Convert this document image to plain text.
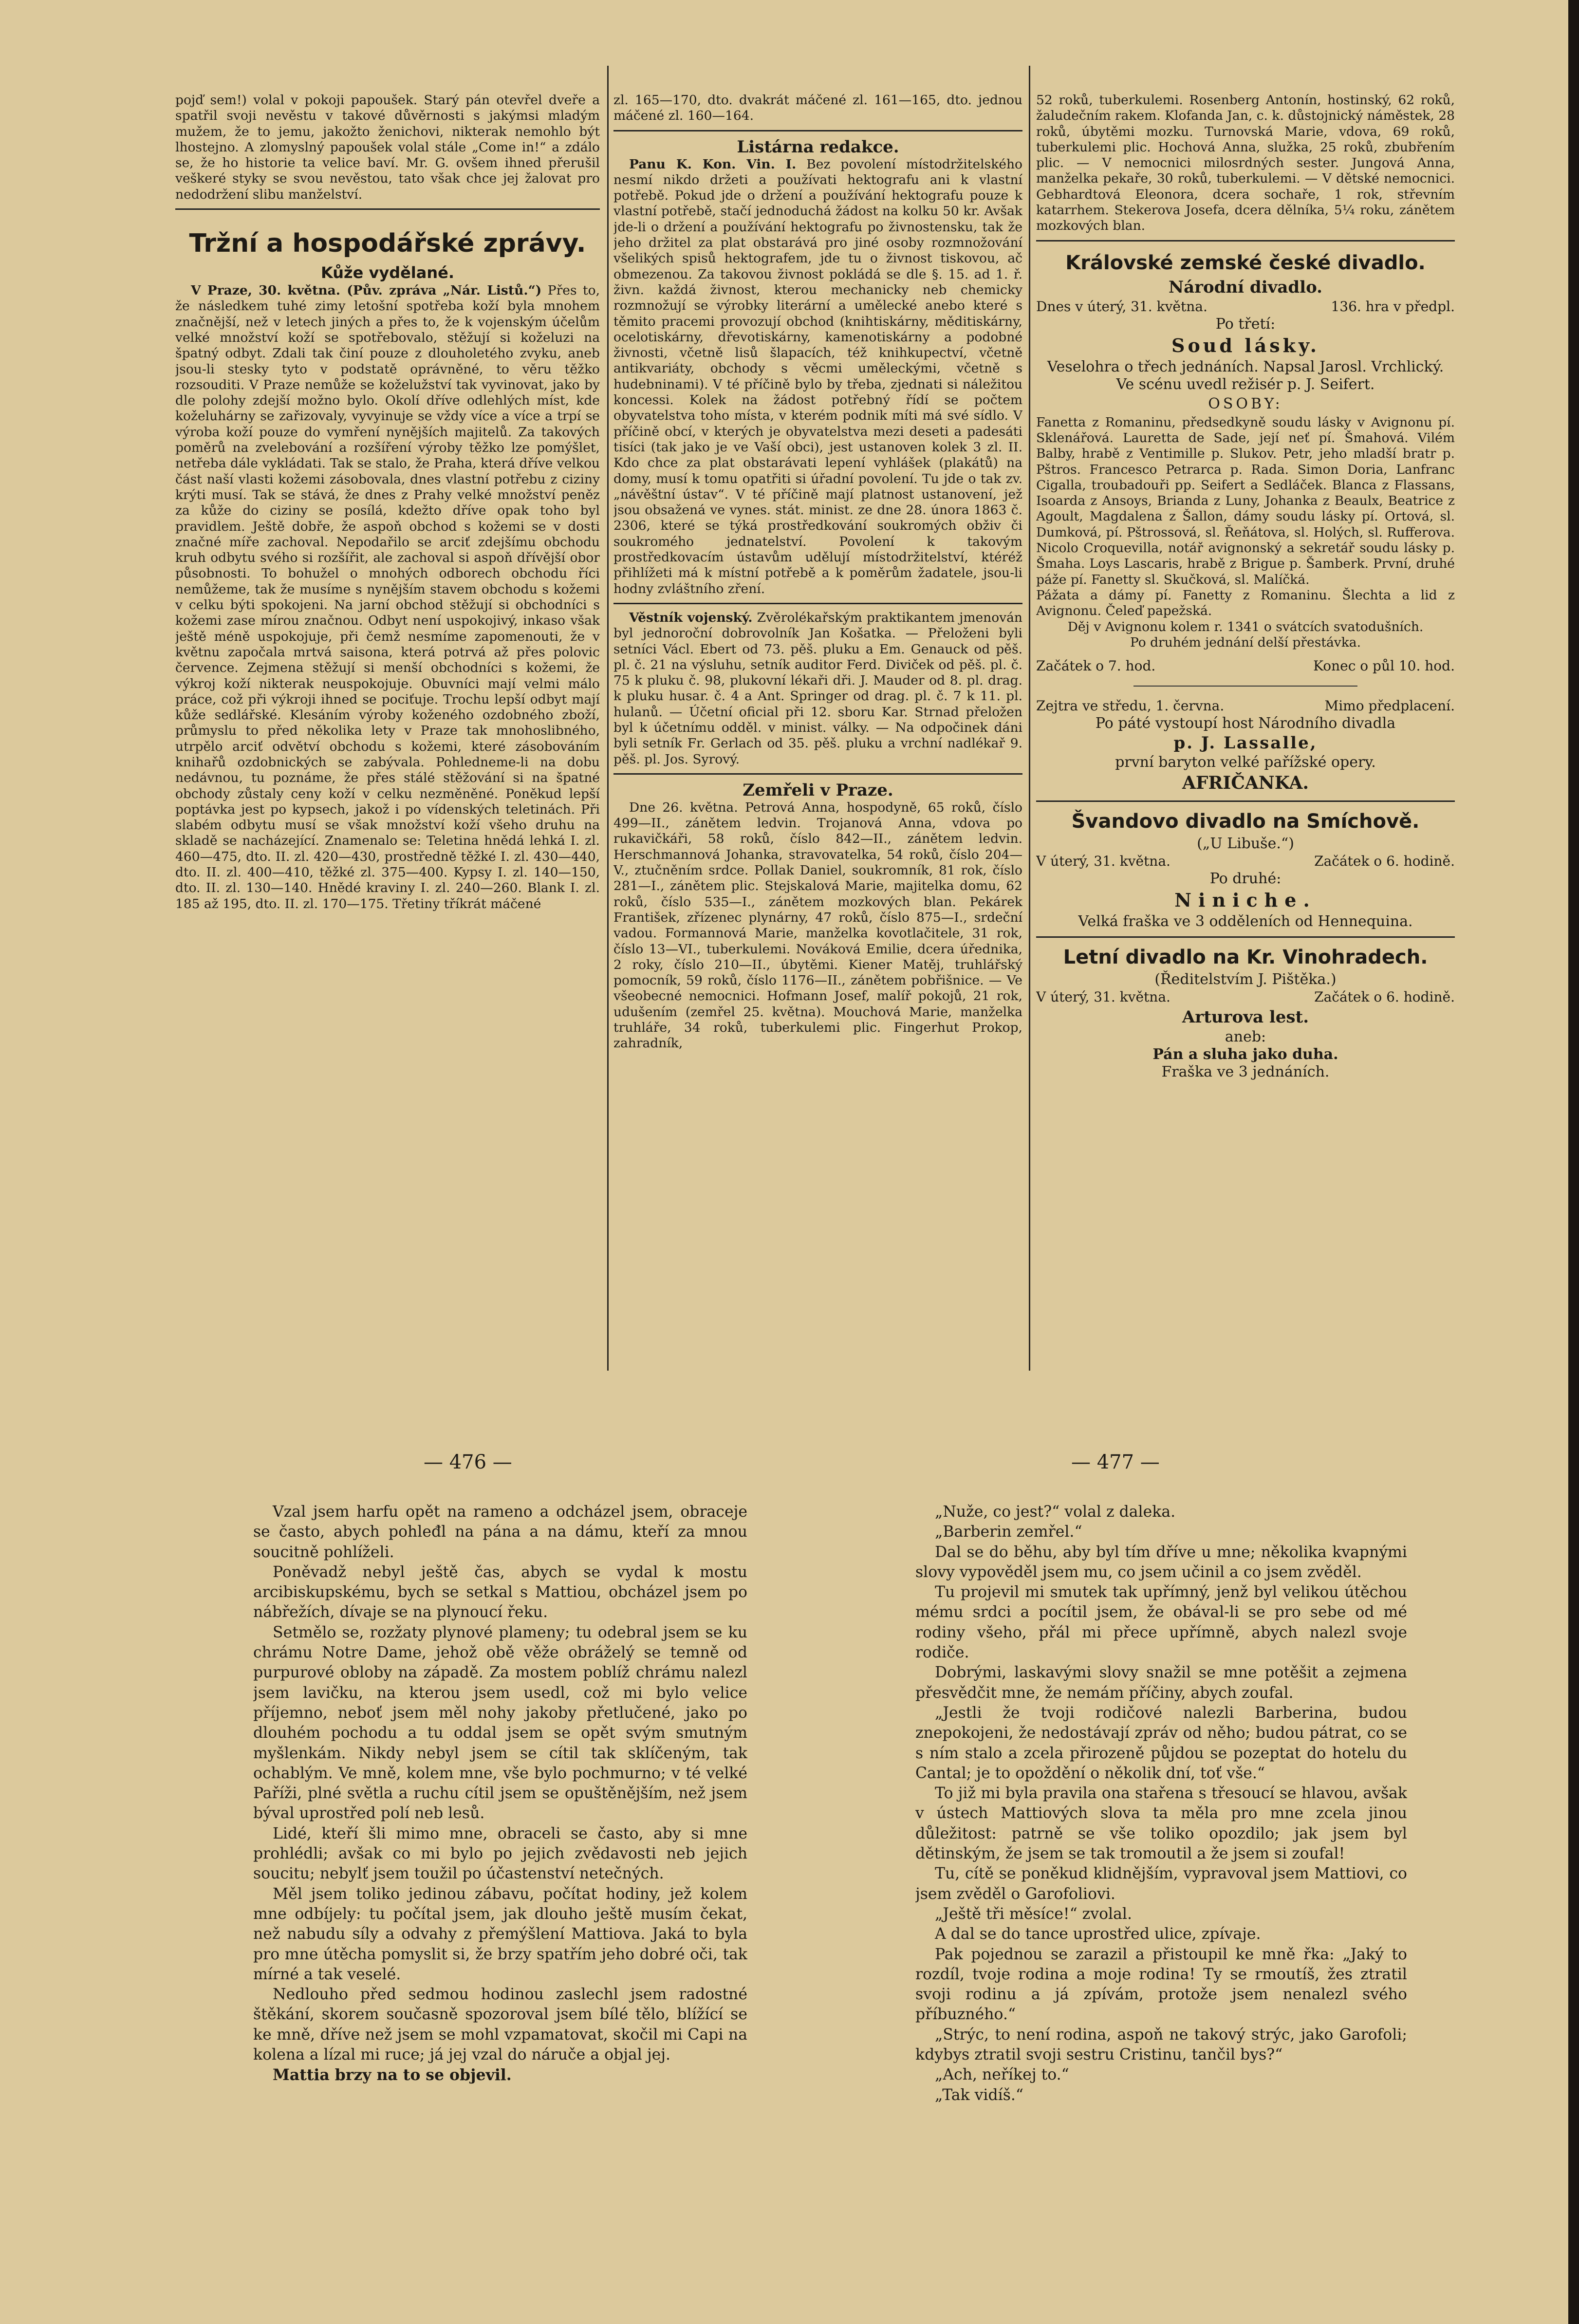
pojď sem!) volal v pokoji papoušek. Starý pán otevřel dveře a spatřil svoji nevěstu v takové důvěrnosti s jakýmsi mladým mužem, že to jemu, jakožto ženichovi, nikterak nemohlo být lhostejno. A zlomyslný papoušek volal stále „Come in!“ a zdálo se, že ho historie ta velice baví. Mr. G. ovšem ihned přerušil veškeré styky se svou nevěstou, tato však chce jej žalovat pro nedodržení slibu manželství.

Tržní a hospodářské zprávy.
Kůže vydělané.

V Praze, 30. května. (Pův. zpráva „Nár. Listů.“) Přes to, že následkem tuhé zimy letošní spotřeba koží byla mnohem značnější, než v letech jiných a přes to, že k vojenským účelům velké množství koží se spotřebovalo, stěžují si koželuzi na špatný odbyt. Zdali tak činí pouze z dlouholetého zvyku, aneb jsou-li stesky tyto v podstatě oprávněné, to věru těžko rozsouditi. V Praze nemůže se koželužství tak vyvinovat, jako by dle polohy zdejší možno bylo. Okolí dříve odlehlých míst, kde koželuhárny se zařizovaly, vyvyinuje se vždy více a více a trpí se výroba koží pouze do vymření nynějších majitelů. Za takových poměrů na zvelebování a rozšíření výroby těžko lze pomýšlet, netřeba dále vykládati. Tak se stalo, že Praha, která dříve velkou část naší vlasti kožemi zásobovala, dnes vlastní potřebu z ciziny krýti musí. Tak se stává, že dnes z Prahy velké množství peněz za kůže do ciziny se posílá, kdežto dříve opak toho byl pravidlem. Ještě dobře, že aspoň obchod s kožemi se v dosti značné míře zachoval. Nepodařilo se arciť zdejšímu obchodu kruh odbytu svého si rozšířit, ale zachoval si aspoň dřívější obor působnosti. To bohužel o mnohých odborech obchodu říci nemůžeme, tak že musíme s nynějším stavem obchodu s kožemi v celku býti spokojeni. Na jarní obchod stěžují si obchodníci s kožemi zase mírou značnou. Odbyt není uspokojivý, inkaso však ještě méně uspokojuje, při čemž nesmíme zapomenouti, že v květnu započala mrtvá saisona, která potrvá až přes polovic července. Zejmena stěžují si menší obchodníci s kožemi, že výkroj koží nikterak neuspokojuje. Obuvníci mají velmi málo práce, což při výkroji ihned se pociťuje. Trochu lepší odbyt mají kůže sedlářské. Klesáním výroby koženého ozdobného zboží, průmyslu to před několika lety v Praze tak mnohoslibného, utrpělo arciť odvětví obchodu s kožemi, které zásobováním knihařů ozdobnických se zabývala. Pohledneme-li na dobu nedávnou, tu poznáme, že přes stálé stěžování si na špatné obchody zůstaly ceny koží v celku nezměněné. Poněkud lepší poptávka jest po kypsech, jakož i po vídenských teletinách. Při slabém odbytu musí se však množství koží všeho druhu na skladě se nacházející. Znamenalo se: Teletina hnědá lehká I. zl. 460—475, dto. II. zl. 420—430, prostředně těžké I. zl. 430—440, dto. II. zl. 400—410, těžké zl. 375—400. Kypsy I. zl. 140—150, dto. II. zl. 130—140. Hnědé kraviny I. zl. 240—260. Blank I. zl. 185 až 195, dto. II. zl. 170—175. Třetiny tříkrát máčené

zl. 165—170, dto. dvakrát máčené zl. 161—165, dto. jednou máčené zl. 160—164.

Listárna redakce.

Panu K. Kon. Vin. I. Bez povolení místodržitelského nesmí nikdo držeti a používati hektografu ani k vlastní potřebě. Pokud jde o držení a používání hektografu pouze k vlastní potřebě, stačí jednoduchá žádost na kolku 50 kr. Avšak jde-li o držení a používání hektografu po živnostensku, tak že jeho držitel za plat obstarává pro jiné osoby rozmnožování všelikých spisů hektografem, jde tu o živnost tiskovou, ač obmezenou. Za takovou živnost pokládá se dle §. 15. ad 1. ř. živn. každá živnost, kterou mechanicky neb chemicky rozmnožují se výrobky literární a umělecké anebo které s těmito pracemi provozují obchod (knihtiskárny, měditiskárny, ocelotiskárny, dřevotiskárny, kamenotiskárny a podobné živnosti, včetně lisů šlapacích, též knihkupectví, včetně antikvariáty, obchody s věcmi uměleckými, včetně s hudebninami). V té příčině bylo by třeba, zjednati si náležitou koncessi. Kolek na žádost potřebný řídí se počtem obyvatelstva toho místa, v kterém podnik míti má své sídlo. V příčině obcí, v kterých je obyvatelstva mezi deseti a padesáti tisíci (tak jako je ve Vaší obci), jest ustanoven kolek 3 zl. II. Kdo chce za plat obstarávati lepení vyhlášek (plakátů) na domy, musí k tomu opatřiti si úřadní povolení. Tu jde o tak zv. „návěštní ústav“. V té příčině mají platnost ustanovení, jež jsou obsažená ve vynes. stát. minist. ze dne 28. února 1863 č. 2306, které se týká prostředkování soukromých obživ či soukromého jednatelství. Povolení k takovým prostředkovacím ústavům udělují místodržitelství, ktéréž přihlížeti má k místní potřebě a k poměrům žadatele, jsou-li hodny zvláštního zření.

Věstník vojenský. Zvěrolékařským praktikantem jmenován byl jednoroční dobrovolník Jan Košatka. — Přeloženi byli setníci Václ. Ebert od 73. pěš. pluku a Em. Genauck od pěš. pl. č. 21 na výsluhu, setník auditor Ferd. Diviček od pěš. pl. č. 75 k pluku č. 98, plukovní lékaři dři. J. Mauder od 8. pl. drag. k pluku husar. č. 4 a Ant. Springer od drag. pl. č. 7 k 11. pl. hulanů. — Účetní oficial při 12. sboru Kar. Strnad přeložen byl k účetnímu odděl. v minist. války. — Na odpočinek dáni byli setník Fr. Gerlach od 35. pěš. pluku a vrchní nadlékař 9. pěš. pl. Jos. Syrový.

Zemřeli v Praze.

Dne 26. května. Petrová Anna, hospodyně, 65 roků, číslo 499—II., zánětem ledvin. Trojanová Anna, vdova po rukavičkáři, 58 roků, číslo 842—II., zánětem ledvin. Herschmannová Johanka, stravovatelka, 54 roků, číslo 204—V., ztučněním srdce. Pollak Daniel, soukromník, 81 rok, číslo 281—I., zánětem plic. Stejskalová Marie, majitelka domu, 62 roků, číslo 535—I., zánětem mozkových blan. Pekárek František, zřízenec plynárny, 47 roků, číslo 875—I., srdeční vadou. Formannová Marie, manželka kovotlačitele, 31 rok, číslo 13—VI., tuberkulemi. Nováková Emilie, dcera úřednika, 2 roky, číslo 210—II., úbytěmi. Kiener Matěj, truhlářský pomocník, 59 roků, číslo 1176—II., zánětem pobřišnice. — Ve všeobecné nemocnici. Hofmann Josef, malíř pokojů, 21 rok, udušením (zemřel 25. května). Mouchová Marie, manželka truhláře, 34 roků, tuberkulemi plic. Fingerhut Prokop, zahradník,

52 roků, tuberkulemi. Rosenberg Antonín, hostinský, 62 roků, žaludečním rakem. Klofanda Jan, c. k. důstojnický náměstek, 28 roků, úbytěmi mozku. Turnovská Marie, vdova, 69 roků, tuberkulemi plic. Hochová Anna, služka, 25 roků, zbubřením plic. — V nemocnici milosrdných sester. Jungová Anna, manželka pekaře, 30 roků, tuberkulemi. — V dětské nemocnici. Gebhardtová Eleonora, dcera sochaře, 1 rok, střevním katarrhem. Stekerova Josefa, dcera dělníka, 5¼ roku, zánětem mozkových blan.

Královské zemské české divadlo.
Národní divadlo.
Dnes v úterý, 31. května.	136. hra v předpl.

Po třetí:

Soud lásky.

Veselohra o třech jednáních. Napsal Jarosl. Vrchlický. Ve scénu uvedl režisér p. J. Seifert.

OSOBY:

Fanetta z Romaninu, předsedkyně soudu lásky v Avignonu pí. Sklenářová. Lauretta de Sade, její neť pí. Šmahová. Vilém Balby, hrabě z Ventimille p. Slukov. Petr, jeho mladší bratr p. Pštros. Francesco Petrarca p. Rada. Simon Doria, Lanfranc Cigalla, troubadouři pp. Seifert a Sedláček. Blanca z Flassans, Isoarda z Ansoys, Brianda z Luny, Johanka z Beaulx, Beatrice z Agoult, Magdalena z Šallon, dámy soudu lásky pí. Ortová, sl. Dumková, pí. Pštrossová, sl. Řeňátova, sl. Holých, sl. Rufferova. Nicolo Croquevilla, notář avignonský a sekretář soudu lásky p. Šmaha. Loys Lascaris, hrabě z Brigue p. Šamberk. První, druhé páže pí. Fanetty sl. Skučková, sl. Malíčká.

Pážata a dámy pí. Fanetty z Romaninu. Šlechta a lid z Avignonu. Čeleď papežská.

Děj v Avignonu kolem r. 1341 o svátcích svatodušních.

Po druhém jednání delší přestávka.

Začátek o 7. hod.	Konec o půl 10. hod.
Zejtra ve středu, 1. června.	Mimo předplacení.

Po páté vystoupí host Národního divadla

p. J. Lassalle,

první baryton velké pařížské opery.

AFRIČANKA.

Švandovo divadlo na Smíchově.

(„U Libuše.“)

V úterý, 31. května.	Začátek o 6. hodině.

Po druhé:

Niniche.

Velká fraška ve 3 odděleních od Hennequina.

Letní divadlo na Kr. Vinohradech.

(Ředitelstvím J. Pištěka.)

V úterý, 31. května.	Začátek o 6. hodině.

Arturova lest.

aneb:

Pán a sluha jako duha.

Fraška ve 3 jednáních.

— 476 —	— 477 —

Vzal jsem harfu opět na rameno a odcházel jsem, obraceje se často, abych pohleđl na pána a na dámu, kteří za mnou soucitně pohlíželi.

Poněvadž nebyl ještě čas, abych se vydal k mostu arcibiskupskému, bych se setkal s Mattiou, obcházel jsem po nábřežích, dívaje se na plynoucí řeku.

Setmělo se, rozžaty plynové plameny; tu odebral jsem se ku chrámu Notre Dame, jehož obě věže obráželý se temně od purpurové obloby na západě. Za mostem poblíž chrámu nalezl jsem lavičku, na kterou jsem usedl, což mi bylo velice příjemno, neboť jsem měl nohy jakoby přetlučené, jako po dlouhém pochodu a tu oddal jsem se opět svým smutným myšlenkám. Nikdy nebyl jsem se cítil tak sklíčeným, tak ochablým. Ve mně, kolem mne, vše bylo pochmurno; v té velké Paříži, plné světla a ruchu cítil jsem se opuštěnějším, než jsem býval uprostřed polí neb lesů.

Lidé, kteří šli mimo mne, obraceli se často, aby si mne prohlédli; avšak co mi bylo po jejich zvědavosti neb jejich soucitu; nebylť jsem toužil po účastenství netečných.

Měl jsem toliko jedinou zábavu, počítat hodiny, jež kolem mne odbíjely: tu počítal jsem, jak dlouho ještě musím čekat, než nabudu síly a odvahy z přemýšlení Mattiova. Jaká to byla pro mne útěcha pomyslit si, že brzy spatřím jeho dobré oči, tak mírné a tak veselé.

Nedlouho před sedmou hodinou zaslechl jsem radostné štěkání, skorem současně spozoroval jsem bílé tělo, blížící se ke mně, dříve než jsem se mohl vzpamatovat, skočil mi Capi na kolena a lízal mi ruce; já jej vzal do náruče a objal jej.

Mattia brzy na to se objevil.

„Nuže, co jest?“ volal z daleka.

„Barberin zemřel.“

Dal se do běhu, aby byl tím dříve u mne; několika kvapnými slovy vypověděl jsem mu, co jsem učinil a co jsem zvěděl.

Tu projevil mi smutek tak upřímný, jenž byl velikou útěchou mému srdci a pocítil jsem, že obával-li se pro sebe od mé rodiny všeho, přál mi přece upřímně, abych nalezl svoje rodiče.

Dobrými, laskavými slovy snažil se mne potěšit a zejmena přesvědčit mne, že nemám příčiny, abych zoufal.

„Jestli že tvoji rodičové nalezli Barberina, budou znepokojeni, že nedostávají zpráv od něho; budou pátrat, co se s ním stalo a zcela přirozeně půjdou se pozeptat do hotelu du Cantal; je to opoždění o několik dní, toť vše.“

To již mi byla pravila ona stařena s třesoucí se hlavou, avšak v ústech Mattiových slova ta měla pro mne zcela jinou důležitost: patrně se vše toliko opozdilo; jak jsem byl dětinským, že jsem se tak tromoutil a že jsem si zoufal!

Tu, cítě se poněkud klidnějším, vypravoval jsem Mattiovi, co jsem zvěděl o Garofoliovi.

„Ještě tři měsíce!“ zvolal.

A dal se do tance uprostřed ulice, zpívaje.

Pak pojednou se zarazil a přistoupil ke mně řka: „Jaký to rozdíl, tvoje rodina a moje rodina! Ty se rmoutíš, žes ztratil svoji rodinu a já zpívám, protože jsem nenalezl svého příbuzného.“

„Strýc, to není rodina, aspoň ne takový strýc, jako Garofoli; kdybys ztratil svoji sestru Cristinu, tančil bys?“

„Ach, neříkej to.“

„Tak vidíš.“
